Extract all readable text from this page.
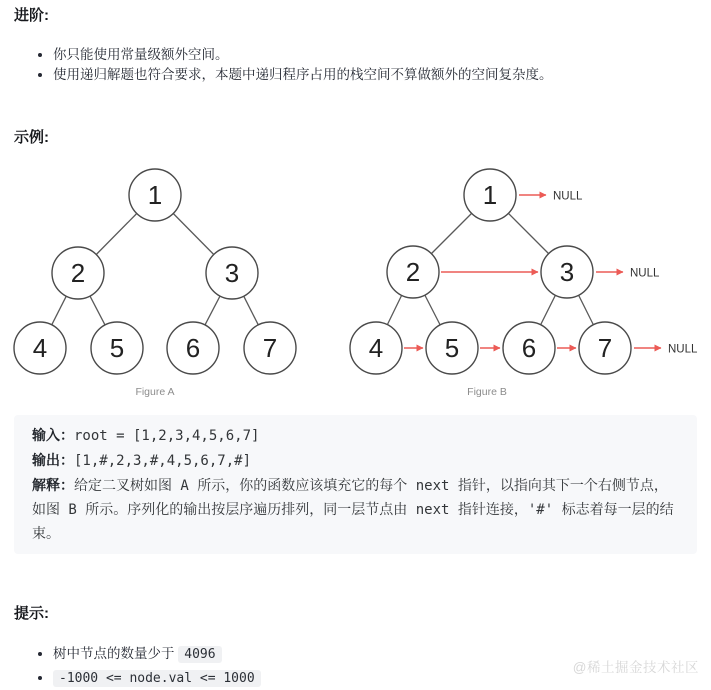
进阶:
• 你只能使用常量级额外空间。
• 使用递归解题也符合要求，本题中递归程序占用的栈空间不算做额外的空间复杂度。
示例:
1
2	3
4 5 6 7
Figure A
NULL
NULL
NULL
1
2	3
4 5 6 7
Figure B
输入：root = [1,2,3,4,5,6,7]
输出：[1,#,2,3,#,4,5,6,7,#]
解释：给定二叉树如图 A 所示，你的函数应该填充它的每个 next 指针，以指向其下一个右侧节点，如图 B 所示。序列化的输出按层序遍历排列，同一层节点由 next 指针连接，'#' 标志着每一层的结束。
提示:
• 树中节点的数量少于 4096
• -1000 <= node.val <= 1000
@稀土掘金技术社区
